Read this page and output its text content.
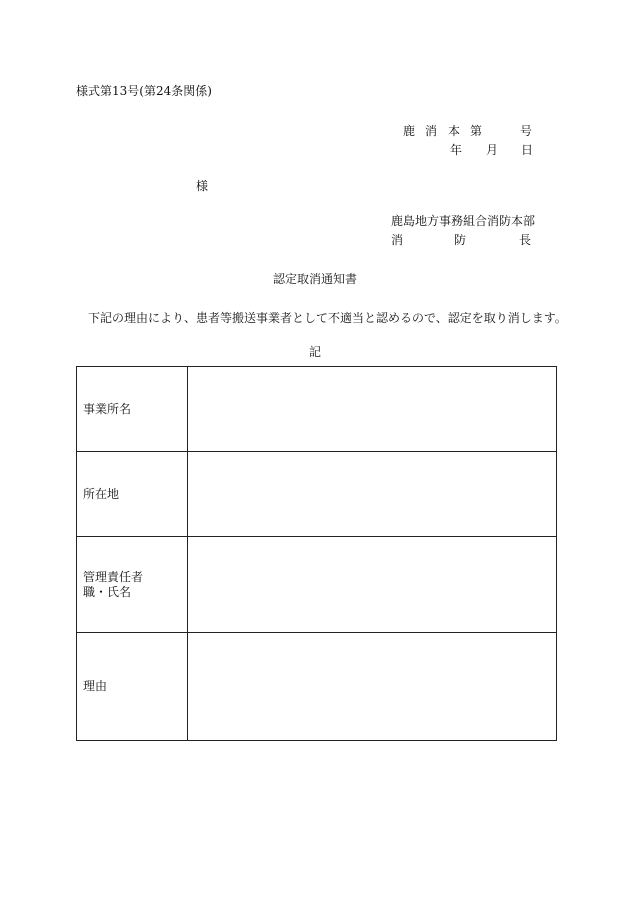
様式第13号(第24条関係)
鹿 消 本 第	号
年 月 日
様
鹿島地方事務組合消防本部
消	防	長
認定取消通知書
下記の理由により、患者等搬送事業者として不適当と認めるので、認定を取り消します。
記
事業所名	

所在地	

管理責任者
職・氏名	

理由	
